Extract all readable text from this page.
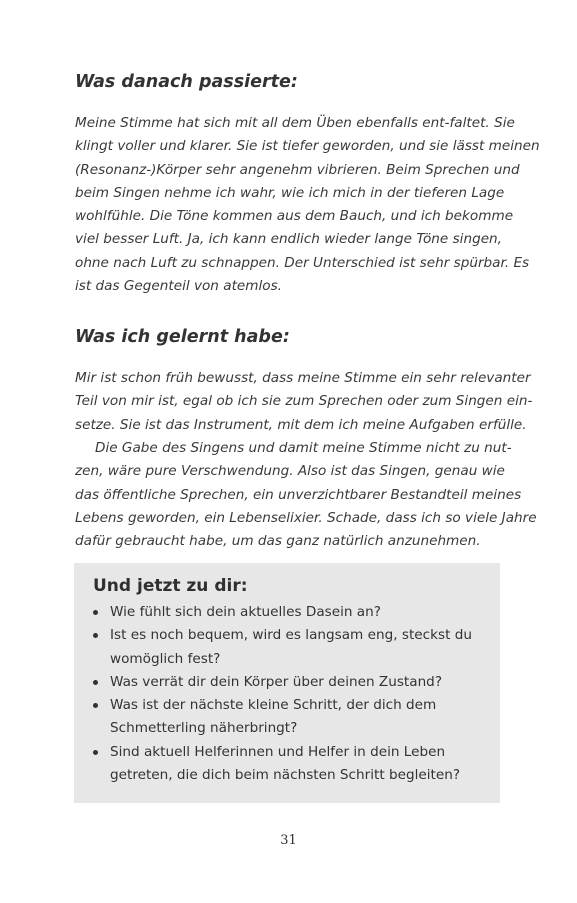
Was danach passierte:
Meine Stimme hat sich mit all dem Üben ebenfalls ent-faltet. Sie
klingt voller und klarer. Sie ist tiefer geworden, und sie lässt meinen
(Resonanz-)Körper sehr angenehm vibrieren. Beim Sprechen und
beim Singen nehme ich wahr, wie ich mich in der tieferen Lage
wohlfühle. Die Töne kommen aus dem Bauch, und ich bekomme
viel besser Luft. Ja, ich kann endlich wieder lange Töne singen,
ohne nach Luft zu schnappen. Der Unterschied ist sehr spürbar. Es
ist das Gegenteil von atemlos.
Was ich gelernt habe:
Mir ist schon früh bewusst, dass meine Stimme ein sehr relevanter
Teil von mir ist, egal ob ich sie zum Sprechen oder zum Singen ein-
setze. Sie ist das Instrument, mit dem ich meine Aufgaben erfülle.
Die Gabe des Singens und damit meine Stimme nicht zu nut-
zen, wäre pure Verschwendung. Also ist das Singen, genau wie
das öffentliche Sprechen, ein unverzichtbarer Bestandteil meines
Lebens geworden, ein Lebenselixier. Schade, dass ich so viele Jahre
dafür gebraucht habe, um das ganz natürlich anzunehmen.
Und jetzt zu dir:
Wie fühlt sich dein aktuelles Dasein an?
Ist es noch bequem, wird es langsam eng, steckst du
womöglich fest?
Was verrät dir dein Körper über deinen Zustand?
Was ist der nächste kleine Schritt, der dich dem
Schmetterling näherbringt?
Sind aktuell Helferinnen und Helfer in dein Leben
getreten, die dich beim nächsten Schritt begleiten?
31
